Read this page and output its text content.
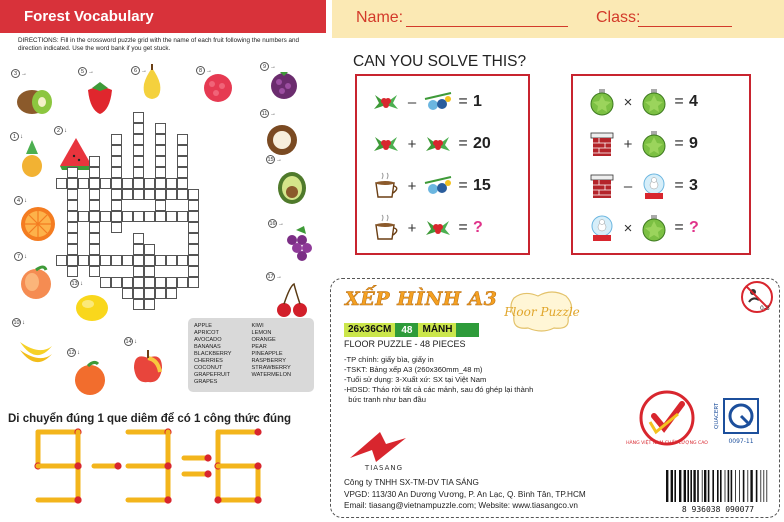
Forest Vocabulary
DIRECTIONS: Fill in the crossword puzzle grid with the name of each fruit following the numbers and direction indicated. Use the word bank if you get stuck.
3 →	5 →	6 →	8 →
9 →
1 ↓
2 ↓
11 →
15 →
4 ↓
16 →
7 ↓
13 ↓
17 →
10 ↓
12 ↓
14 ↓
APPLE
APRICOT
AVOCADO
BANANAS
BLACKBERRY
CHERRIES
COCONUT
GRAPEFRUIT
GRAPES
KIWI
LEMON
ORANGE
PEAR
PINEAPPLE
RASPBERRY
STRAWBERRY
WATERMELON
Di chuyển đúng 1 que diêm để có 1 công thức đúng
Name:	Class:
CAN YOU SOLVE THIS?
–	= 1
+	= 20
+	= 15
+	= ?
×	= 4
+	= 9
–	= 3
×	= ?
XẾP HÌNH A3
Floor Puzzle
26x36CM	48	MẢNH
FLOOR PUZZLE - 48 PIECES
-TP chính: giấy bìa, giấy in
-TSKT: Bảng xếp A3 (260x360mm_48 m)
-Tuổi sử dụng: 3-Xuất xứ: SX tại Việt Nam
-HDSD: Tháo rời tất cả các mảnh, sau đó ghép lại thành
bức tranh như ban đầu
TIASANG
Công ty TNHH SX-TM-DV TIA SÁNG
VPGD: 113/30 An Dương Vương, P. An Lạc, Q. Bình Tân, TP.HCM
Email: tiasang@vietnampuzzle.com; Website: www.tiasangco.vn
0-3
HÀNG VIỆT NAM CHẤT LƯỢNG CAO
QUACERT
0097-11
8 936038 090077
